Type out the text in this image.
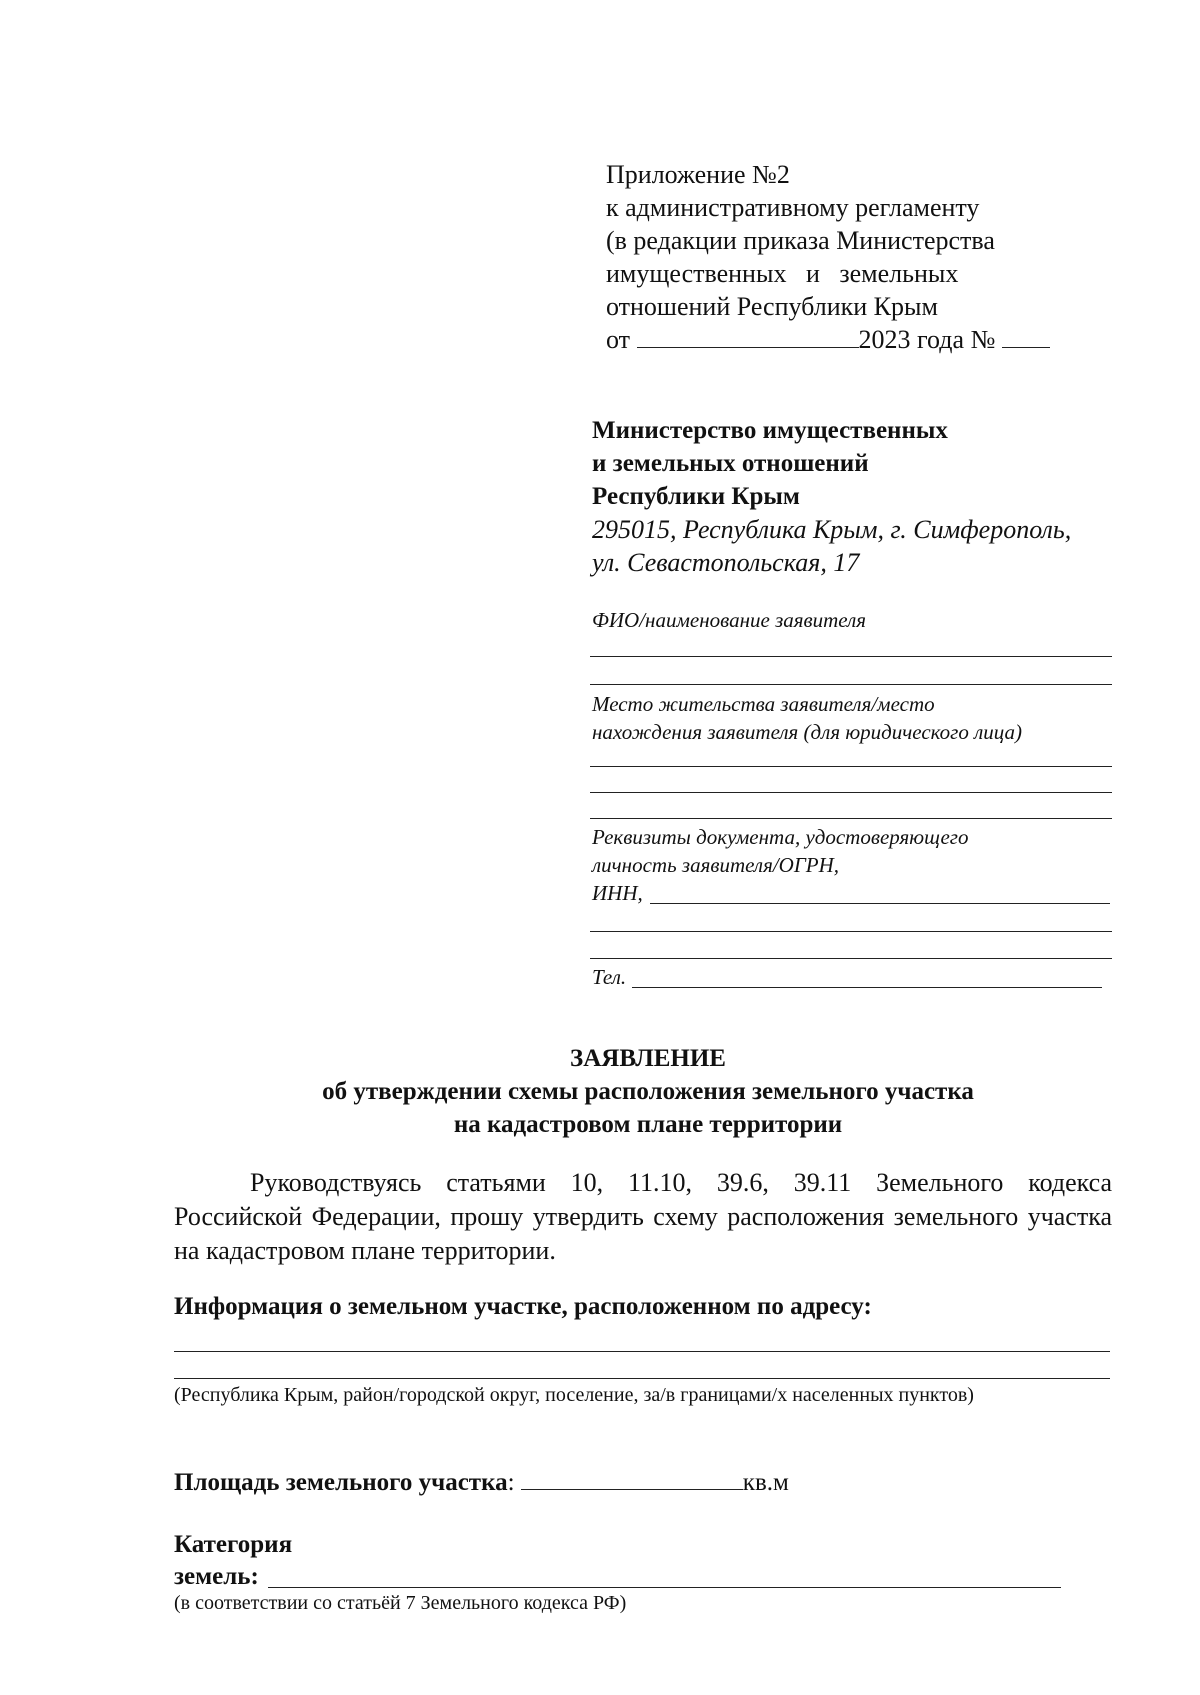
Приложение №2
к административному регламенту
(в редакции приказа Министерства
имущественных   и   земельных
отношений Республики Крым
от	2023 года №
Министерство имущественных
и земельных отношений
Республики Крым
295015, Республика Крым, г. Симферополь,
ул. Севастопольская, 17
ФИО/наименование заявителя
Место жительства заявителя/место
нахождения заявителя (для юридического лица)
Реквизиты документа, удостоверяющего
личность заявителя/ОГРН,
ИНН,
Тел.
ЗАЯВЛЕНИЕ
об утверждении схемы расположения земельного участка
на кадастровом плане территории
Руководствуясь статьями 10, 11.10, 39.6, 39.11 Земельного кодекса Российской Федерации, прошу утвердить схему расположения земельного участка на кадастровом плане территории.
Информация о земельном участке, расположенном по адресу:
(Республика Крым, район/городской округ, поселение, за/в границами/х населенных пунктов)
Площадь земельного участка:	кв.м
Категория
земель:
(в соответствии со статьёй 7 Земельного кодекса РФ)
